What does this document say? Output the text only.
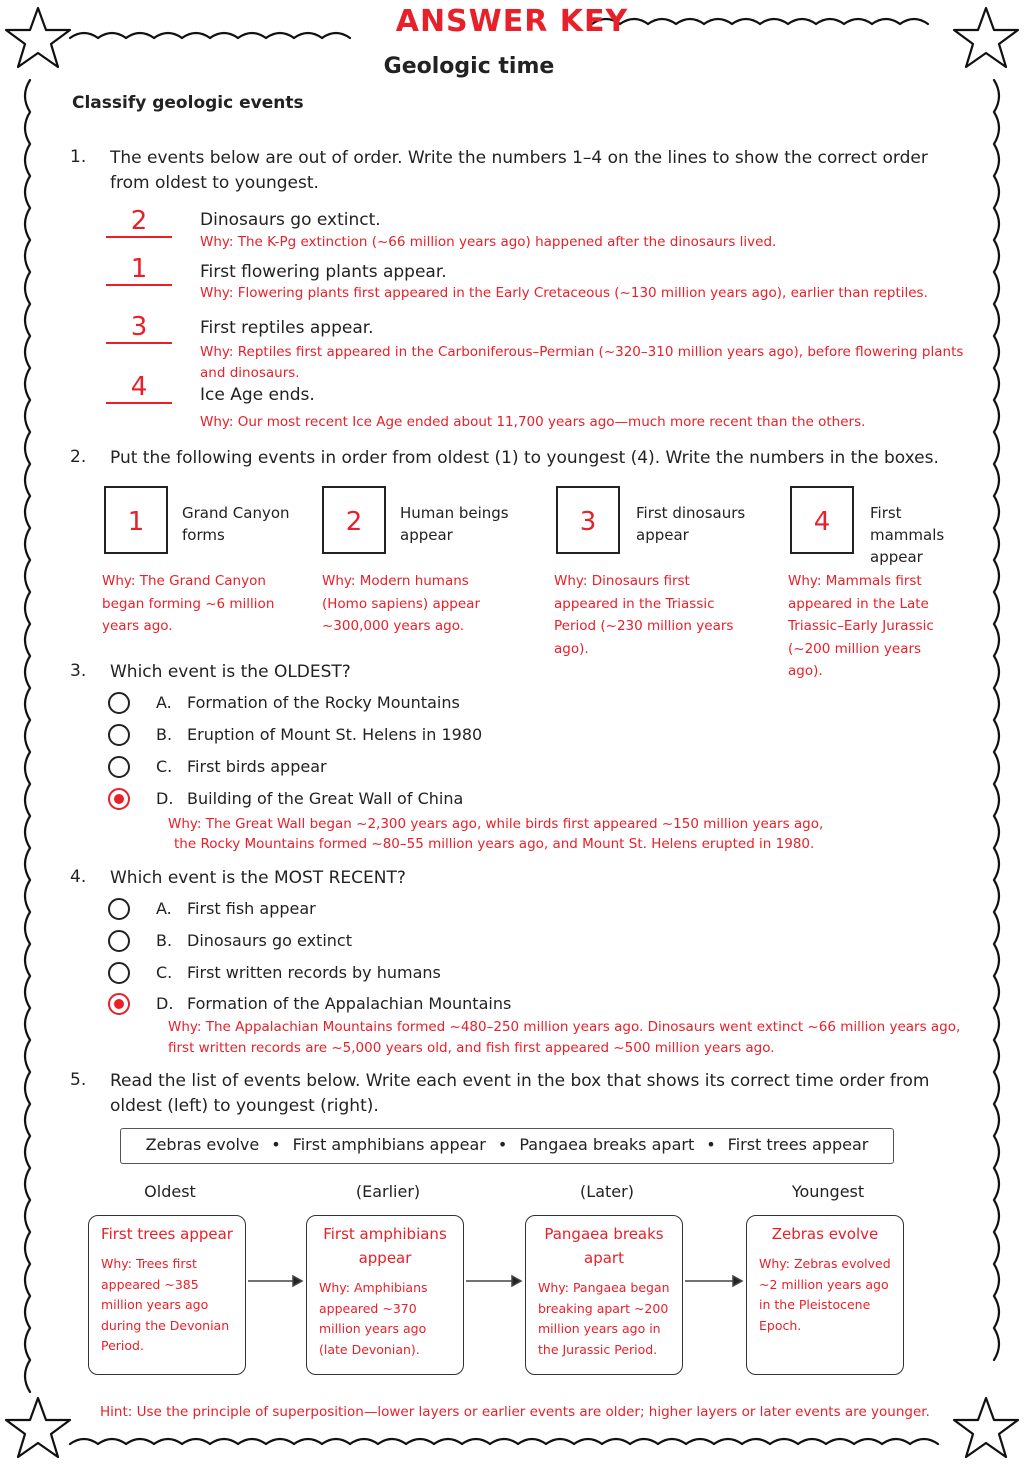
ANSWER KEY
Geologic time
Classify geologic events
1. The events below are out of order. Write the numbers 1–4 on the lines to show the correct order from oldest to youngest.
2	Dinosaurs go extinct.
Why: The K-Pg extinction (~66 million years ago) happened after the dinosaurs lived.
1	First flowering plants appear.
Why: Flowering plants first appeared in the Early Cretaceous (~130 million years ago), earlier than reptiles.
3	First reptiles appear.
Why: Reptiles first appeared in the Carboniferous–Permian (~320–310 million years ago), before flowering plants and dinosaurs.
4	Ice Age ends.
Why: Our most recent Ice Age ended about 11,700 years ago—much more recent than the others.
2. Put the following events in order from oldest (1) to youngest (4). Write the numbers in the boxes.
1	Grand Canyon forms
Why: The Grand Canyon began forming ~6 million years ago.
2	Human beings appear
Why: Modern humans (Homo sapiens) appear ~300,000 years ago.
3	First dinosaurs appear
Why: Dinosaurs first appeared in the Triassic Period (~230 million years ago).
4	First mammals appear
Why: Mammals first appeared in the Late Triassic–Early Jurassic (~200 million years ago).
3. Which event is the OLDEST?
A. Formation of the Rocky Mountains
B. Eruption of Mount St. Helens in 1980
C. First birds appear
D. Building of the Great Wall of China
Why: The Great Wall began ~2,300 years ago, while birds first appeared ~150 million years ago,
the Rocky Mountains formed ~80–55 million years ago, and Mount St. Helens erupted in 1980.
4. Which event is the MOST RECENT?
A. First fish appear
B. Dinosaurs go extinct
C. First written records by humans
D. Formation of the Appalachian Mountains
Why: The Appalachian Mountains formed ~480–250 million years ago. Dinosaurs went extinct ~66 million years ago,
first written records are ~5,000 years old, and fish first appeared ~500 million years ago.
5. Read the list of events below. Write each event in the box that shows its correct time order from oldest (left) to youngest (right).
Zebras evolve • First amphibians appear • Pangaea breaks apart • First trees appear
Oldest	(Earlier)	(Later)	Youngest
First trees appear
Why: Trees first appeared ~385 million years ago during the Devonian Period.
First amphibians appear
Why: Amphibians appeared ~370 million years ago (late Devonian).
Pangaea breaks apart
Why: Pangaea began breaking apart ~200 million years ago in the Jurassic Period.
Zebras evolve
Why: Zebras evolved ~2 million years ago in the Pleistocene Epoch.
Hint: Use the principle of superposition—lower layers or earlier events are older; higher layers or later events are younger.
